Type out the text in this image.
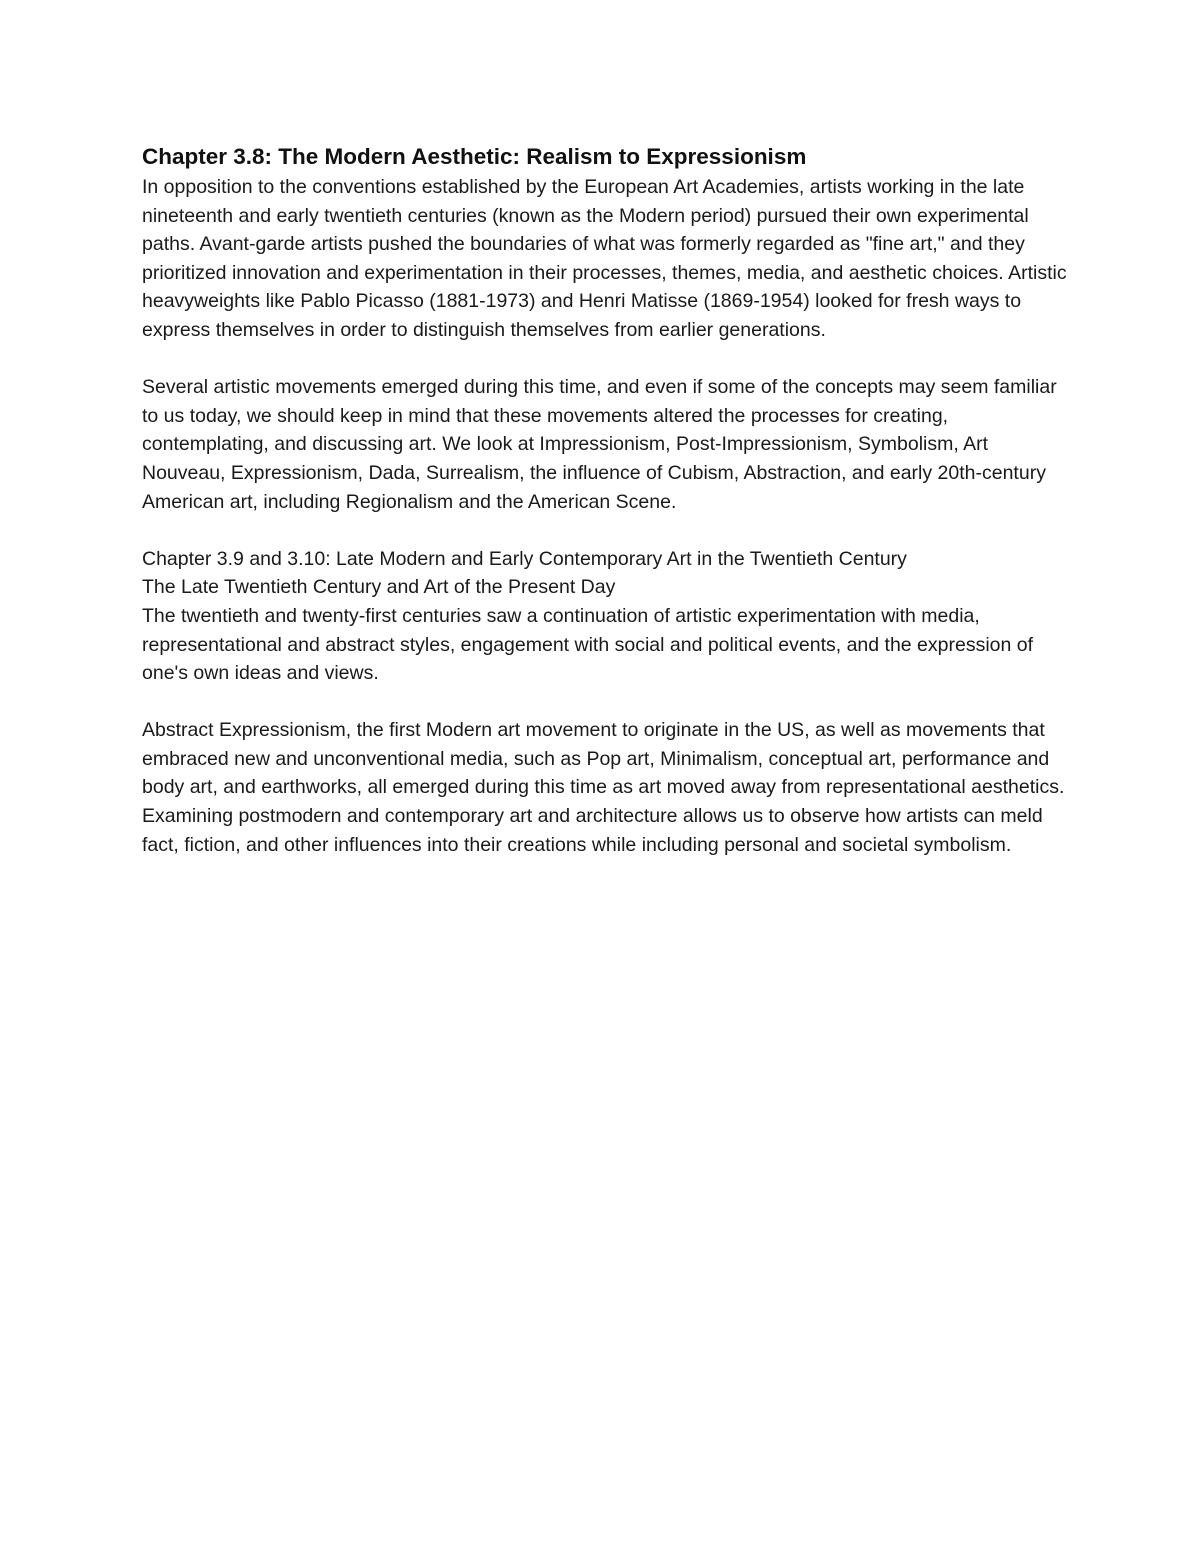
Chapter 3.8: The Modern Aesthetic: Realism to Expressionism

In opposition to the conventions established by the European Art Academies, artists working in the late nineteenth and early twentieth centuries (known as the Modern period) pursued their own experimental paths. Avant-garde artists pushed the boundaries of what was formerly regarded as "fine art," and they prioritized innovation and experimentation in their processes, themes, media, and aesthetic choices. Artistic heavyweights like Pablo Picasso (1881-1973) and Henri Matisse (1869-1954) looked for fresh ways to express themselves in order to distinguish themselves from earlier generations.

Several artistic movements emerged during this time, and even if some of the concepts may seem familiar to us today, we should keep in mind that these movements altered the processes for creating, contemplating, and discussing art. We look at Impressionism, Post-Impressionism, Symbolism, Art Nouveau, Expressionism, Dada, Surrealism, the influence of Cubism, Abstraction, and early 20th-century American art, including Regionalism and the American Scene.

Chapter 3.9 and 3.10: Late Modern and Early Contemporary Art in the Twentieth Century

The Late Twentieth Century and Art of the Present Day

The twentieth and twenty-first centuries saw a continuation of artistic experimentation with media, representational and abstract styles, engagement with social and political events, and the expression of one's own ideas and views.

Abstract Expressionism, the first Modern art movement to originate in the US, as well as movements that embraced new and unconventional media, such as Pop art, Minimalism, conceptual art, performance and body art, and earthworks, all emerged during this time as art moved away from representational aesthetics. Examining postmodern and contemporary art and architecture allows us to observe how artists can meld fact, fiction, and other influences into their creations while including personal and societal symbolism.
